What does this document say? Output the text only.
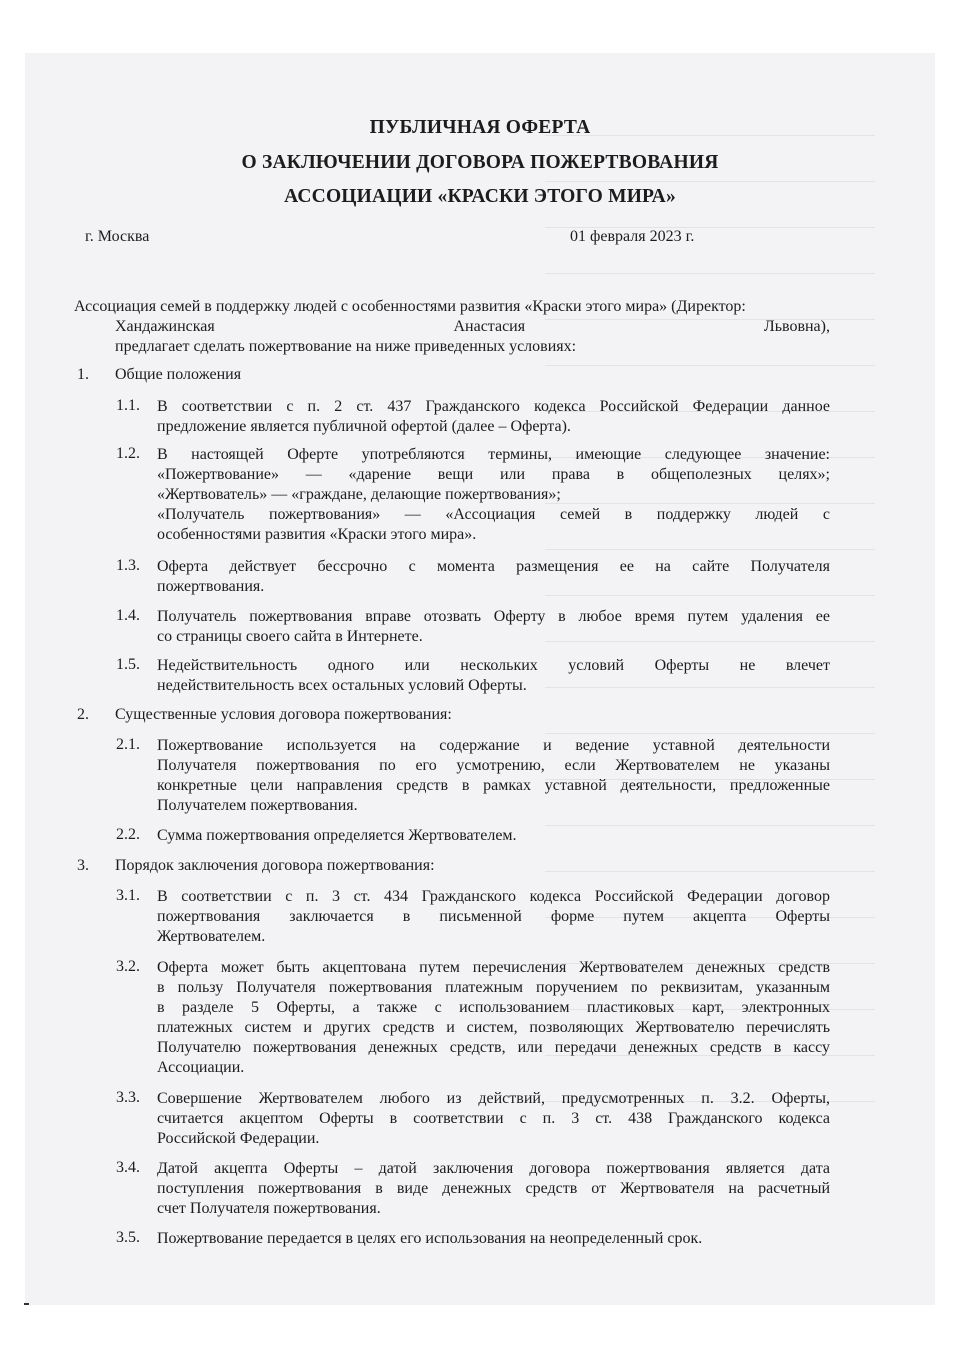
ПУБЛИЧНАЯ ОФЕРТА
О ЗАКЛЮЧЕНИИ ДОГОВОРА ПОЖЕРТВОВАНИЯ
АССОЦИАЦИИ «КРАСКИ ЭТОГО МИРА»
г. Москва	01 февраля 2023 г.
Ассоциация семей в поддержку людей с особенностями развития «Краски этого мира» (Директор:
Хандажинская	Анастасия	Львовна),
предлагает сделать пожертвование на ниже приведенных условиях:
1. Общие положения
1.1. В соответствии с п. 2 ст. 437 Гражданского кодекса Российской Федерации данное
предложение является публичной офертой (далее – Оферта).
1.2. В настоящей Оферте употребляются термины, имеющие следующее значение:
«Пожертвование» — «дарение вещи или права в общеполезных целях»;
«Жертвователь» — «граждане, делающие пожертвования»;
«Получатель пожертвования» — «Ассоциация семей в поддержку людей с
особенностями развития «Краски этого мира».
1.3. Оферта действует бессрочно с момента размещения ее на сайте Получателя
пожертвования.
1.4. Получатель пожертвования вправе отозвать Оферту в любое время путем удаления ее
со страницы своего сайта в Интернете.
1.5. Недействительность одного или нескольких условий Оферты не влечет
недействительность всех остальных условий Оферты.
2. Существенные условия договора пожертвования:
2.1. Пожертвование используется на содержание и ведение уставной деятельности
Получателя пожертвования по его усмотрению, если Жертвователем не указаны
конкретные цели направления средств в рамках уставной деятельности, предложенные
Получателем пожертвования.
2.2. Сумма пожертвования определяется Жертвователем.
3. Порядок заключения договора пожертвования:
3.1. В соответствии с п. 3 ст. 434 Гражданского кодекса Российской Федерации договор
пожертвования заключается в письменной форме путем акцепта Оферты
Жертвователем.
3.2. Оферта может быть акцептована путем перечисления Жертвователем денежных средств
в пользу Получателя пожертвования платежным поручением по реквизитам, указанным
в разделе 5 Оферты, а также с использованием пластиковых карт, электронных
платежных систем и других средств и систем, позволяющих Жертвователю перечислять
Получателю пожертвования денежных средств, или передачи денежных средств в кассу
Ассоциации.
3.3. Совершение Жертвователем любого из действий, предусмотренных п. 3.2. Оферты,
считается акцептом Оферты в соответствии с п. 3 ст. 438 Гражданского кодекса
Российской Федерации.
3.4. Датой акцепта Оферты – датой заключения договора пожертвования является дата
поступления пожертвования в виде денежных средств от Жертвователя на расчетный
счет Получателя пожертвования.
3.5. Пожертвование передается в целях его использования на неопределенный срок.
